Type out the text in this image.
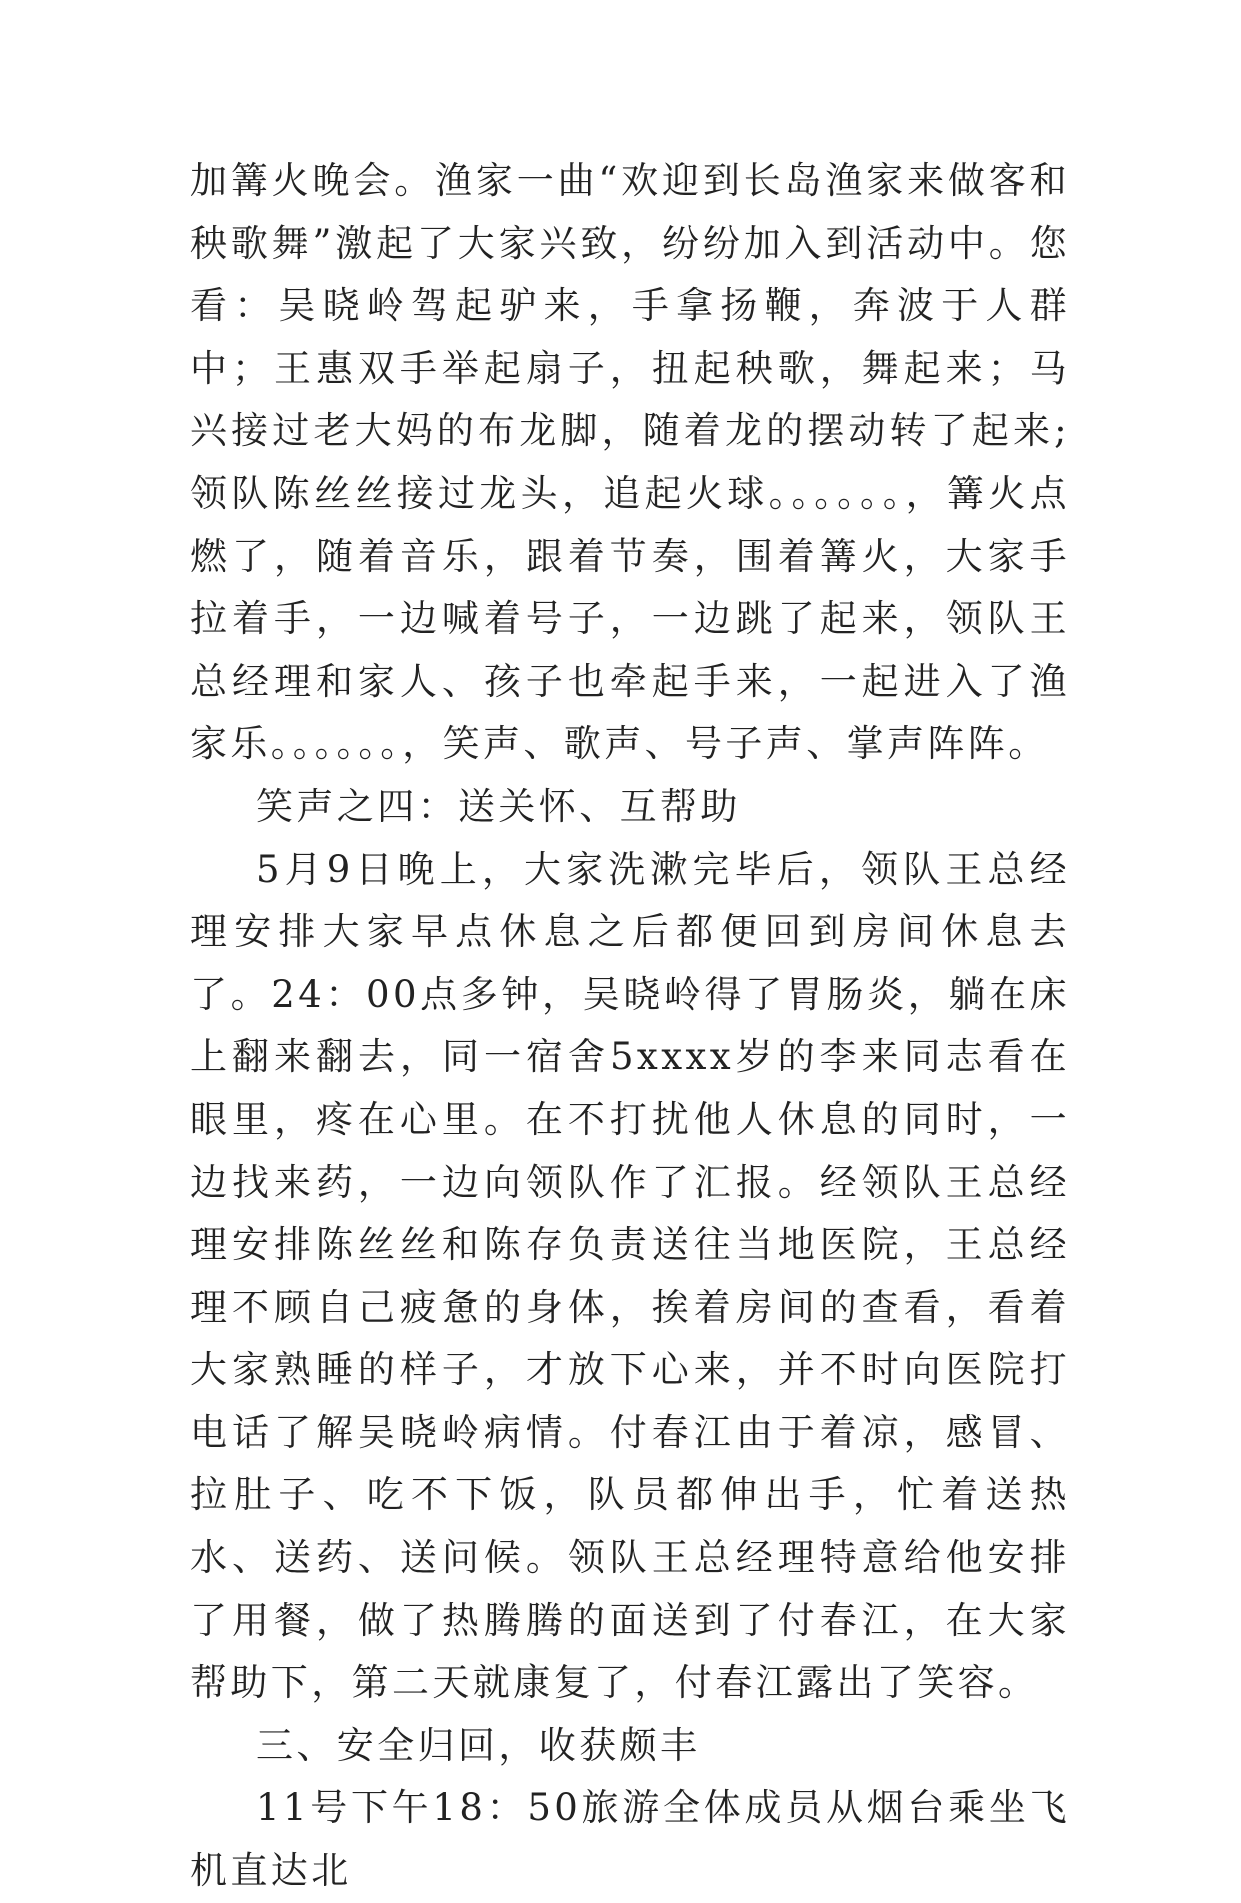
加篝火晚会。渔家一曲“欢迎到长岛渔家来做客和秧歌舞”激起了大家兴致，纷纷加入到活动中。您看：吴晓岭驾起驴来，手拿扬鞭，奔波于人群中；王惠双手举起扇子，扭起秧歌，舞起来；马兴接过老大妈的布龙脚，随着龙的摆动转了起来;领队陈丝丝接过龙头，追起火球。。。。。。，篝火点燃了，随着音乐，跟着节奏，围着篝火，大家手拉着手，一边喊着号子，一边跳了起来，领队王总经理和家人、孩子也牵起手来，一起进入了渔家乐。。。。。。，笑声、歌声、号子声、掌声阵阵。

笑声之四：送关怀、互帮助

5月9日晚上，大家洗漱完毕后，领队王总经理安排大家早点休息之后都便回到房间休息去了。24：00点多钟，吴晓岭得了胃肠炎，躺在床上翻来翻去，同一宿舍5xxxx岁的李来同志看在眼里，疼在心里。在不打扰他人休息的同时，一边找来药，一边向领队作了汇报。经领队王总经理安排陈丝丝和陈存负责送往当地医院，王总经理不顾自己疲惫的身体，挨着房间的查看，看着大家熟睡的样子，才放下心来，并不时向医院打电话了解吴晓岭病情。付春江由于着凉，感冒、拉肚子、吃不下饭，队员都伸出手，忙着送热水、送药、送问候。领队王总经理特意给他安排了用餐，做了热腾腾的面送到了付春江，在大家帮助下，第二天就康复了，付春江露出了笑容。

三、安全归回，收获颇丰

11号下午18：50旅游全体成员从烟台乘坐飞机直达北
